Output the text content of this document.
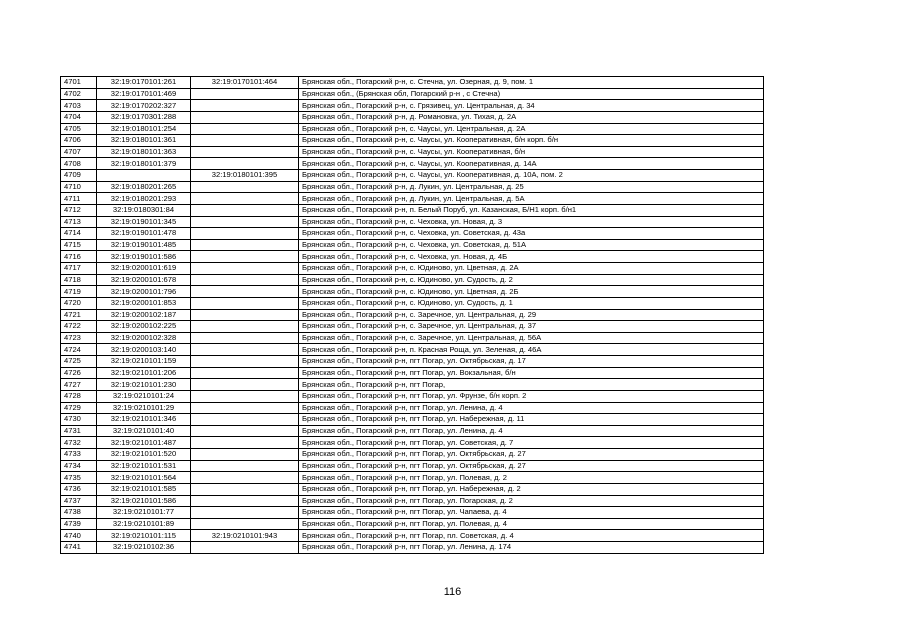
4701	32:19:0170101:261	32:19:0170101:464	Брянская обл., Погарский р-н, с. Стечна, ул. Озерная, д. 9, пом. 1
4702	32:19:0170101:469		Брянская обл., (Брянская обл, Погарский р-н , с Стечна)
4703	32:19:0170202:327		Брянская обл., Погарский р-н, с. Грязивец, ул. Центральная, д. 34
4704	32:19:0170301:288		Брянская обл., Погарский р-н, д. Романовка, ул. Тихая, д. 2А
4705	32:19:0180101:254		Брянская обл., Погарский р-н, с. Чаусы, ул. Центральная, д. 2А
4706	32:19:0180101:361		Брянская обл., Погарский р-н, с. Чаусы, ул. Кооперативная, б/н корп. б/н
4707	32:19:0180101:363		Брянская обл., Погарский р-н, с. Чаусы, ул. Кооперативная, б/н
4708	32:19:0180101:379		Брянская обл., Погарский р-н, с. Чаусы, ул. Кооперативная, д. 14А
4709		32:19:0180101:395	Брянская обл., Погарский р-н, с. Чаусы, ул. Кооперативная, д. 10А, пом. 2
4710	32:19:0180201:265		Брянская обл., Погарский р-н, д. Лукин, ул. Центральная, д. 25
4711	32:19:0180201:293		Брянская обл., Погарский р-н, д. Лукин, ул. Центральная, д. 5А
4712	32:19:0180301:84		Брянская обл., Погарский р-н, п. Белый Поруб, ул. Казанская, Б/Н1 корп. б/н1
4713	32:19:0190101:345		Брянская обл., Погарский р-н, с. Чеховка, ул. Новая, д. 3
4714	32:19:0190101:478		Брянская обл., Погарский р-н, с. Чеховка, ул. Советская, д. 43а
4715	32:19:0190101:485		Брянская обл., Погарский р-н, с. Чеховка, ул. Советская, д. 51А
4716	32:19:0190101:586		Брянская обл., Погарский р-н, с. Чеховка, ул. Новая, д. 4Б
4717	32:19:0200101:619		Брянская обл., Погарский р-н, с. Юдиново, ул. Цветная, д. 2А
4718	32:19:0200101:678		Брянская обл., Погарский р-н, с. Юдиново, ул. Судость, д. 2
4719	32:19:0200101:796		Брянская обл., Погарский р-н, с. Юдиново, ул. Цветная, д. 2Б
4720	32:19:0200101:853		Брянская обл., Погарский р-н, с. Юдиново, ул. Судость, д. 1
4721	32:19:0200102:187		Брянская обл., Погарский р-н, с. Заречное, ул. Центральная, д. 29
4722	32:19:0200102:225		Брянская обл., Погарский р-н, с. Заречное, ул. Центральная, д. 37
4723	32:19:0200102:328		Брянская обл., Погарский р-н, с. Заречное, ул. Центральная, д. 56А
4724	32:19:0200103:140		Брянская обл., Погарский р-н, п. Красная Роща, ул. Зеленая, д. 46А
4725	32:19:0210101:159		Брянская обл., Погарский р-н, пгт Погар, ул. Октябрьская, д. 17
4726	32:19:0210101:206		Брянская обл., Погарский р-н, пгт Погар, ул. Вокзальная, б/н
4727	32:19:0210101:230		Брянская обл., Погарский р-н, пгт Погар,
4728	32:19:0210101:24		Брянская обл., Погарский р-н, пгт Погар, ул. Фрунзе, б/н корп. 2
4729	32:19:0210101:29		Брянская обл., Погарский р-н, пгт Погар, ул. Ленина, д. 4
4730	32:19:0210101:346		Брянская обл., Погарский р-н, пгт Погар, ул. Набережная, д. 11
4731	32:19:0210101:40		Брянская обл., Погарский р-н, пгт Погар, ул. Ленина, д. 4
4732	32:19:0210101:487		Брянская обл., Погарский р-н, пгт Погар, ул. Советская, д. 7
4733	32:19:0210101:520		Брянская обл., Погарский р-н, пгт Погар, ул. Октябрьская, д. 27
4734	32:19:0210101:531		Брянская обл., Погарский р-н, пгт Погар, ул. Октябрьская, д. 27
4735	32:19:0210101:564		Брянская обл., Погарский р-н, пгт Погар, ул. Полевая, д. 2
4736	32:19:0210101:585		Брянская обл., Погарский р-н, пгт Погар, ул. Набережная, д. 2
4737	32:19:0210101:586		Брянская обл., Погарский р-н, пгт Погар, ул. Погарская, д. 2
4738	32:19:0210101:77		Брянская обл., Погарский р-н, пгт Погар, ул. Чапаева, д. 4
4739	32:19:0210101:89		Брянская обл., Погарский р-н, пгт Погар, ул. Полевая, д. 4
4740	32:19:0210101:115	32:19:0210101:943	Брянская обл., Погарский р-н, пгт Погар, пл. Советская, д. 4
4741	32:19:0210102:36		Брянская обл., Погарский р-н, пгт Погар, ул. Ленина, д. 174
116
